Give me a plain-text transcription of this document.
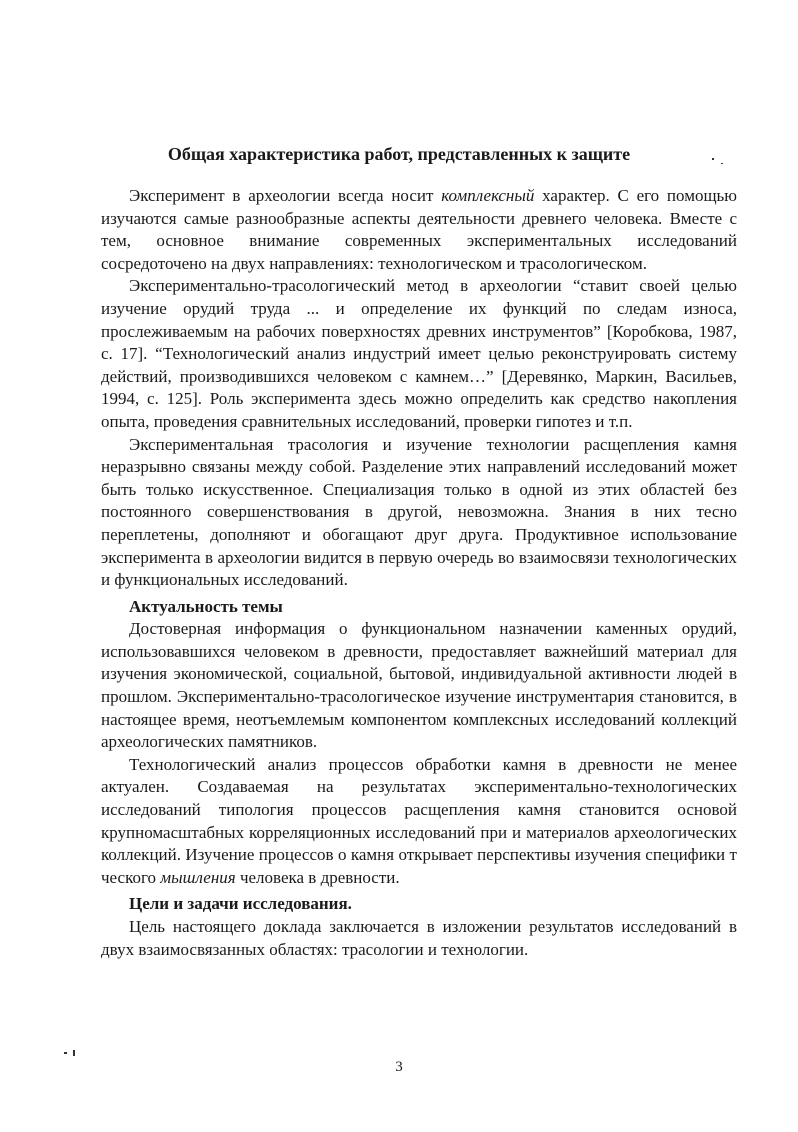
Общая характеристика работ, представленных к защите

Эксперимент в археологии всегда носит комплексный характер. С его помощью изучаются самые разнообразные аспекты деятельности древнего человека. Вместе с тем, основное внимание современных экспериментальных исследований сосредоточено на двух направлениях: технологическом и трасологическом.

Экспериментально-трасологический метод в археологии “ставит своей целью изучение орудий труда ... и определение их функций по следам износа, прослеживаемым на рабочих поверхностях древних инструментов” [Коробкова, 1987, с. 17]. “Технологический анализ индустрий имеет целью реконструировать систему действий, производившихся человеком с камнем…” [Деревянко, Маркин, Васильев, 1994, с. 125]. Роль эксперимента здесь можно определить как средство накопления опыта, проведения сравнительных исследований, проверки гипотез и т.п.

Экспериментальная трасология и изучение технологии расщепления камня неразрывно связаны между собой. Разделение этих направлений исследований может быть только искусственное. Специализация только в одной из этих областей без постоянного совершенствования в другой, невозможна. Знания в них тесно переплетены, дополняют и обогащают друг друга. Продуктивное использование эксперимента в археологии видится в первую очередь во взаимосвязи технологических и функциональных исследований.

Актуальность темы

Достоверная информация о функциональном назначении каменных орудий, использовавшихся человеком в древности, предоставляет важнейший материал для изучения экономической, социальной, бытовой, индивидуальной активности людей в прошлом. Экспериментально-трасологическое изучение инструментария становится, в настоящее время, неотъемлемым компонентом комплексных исследований коллекций археологических памятников.

Технологический анализ процессов обработки камня в древности не менее актуален. Создаваемая на результатах экспериментально-технологических исследований типология процессов расщепления камня становится основой крупномасштабных корреляционных исследований при и материалов археологических коллекций. Изучение процессов о камня открывает перспективы изучения специфики т ческого мышления человека в древности.

Цели и задачи исследования.

Цель настоящего доклада заключается в изложении результатов исследований в двух взаимосвязанных областях: трасологии и технологии.

3
